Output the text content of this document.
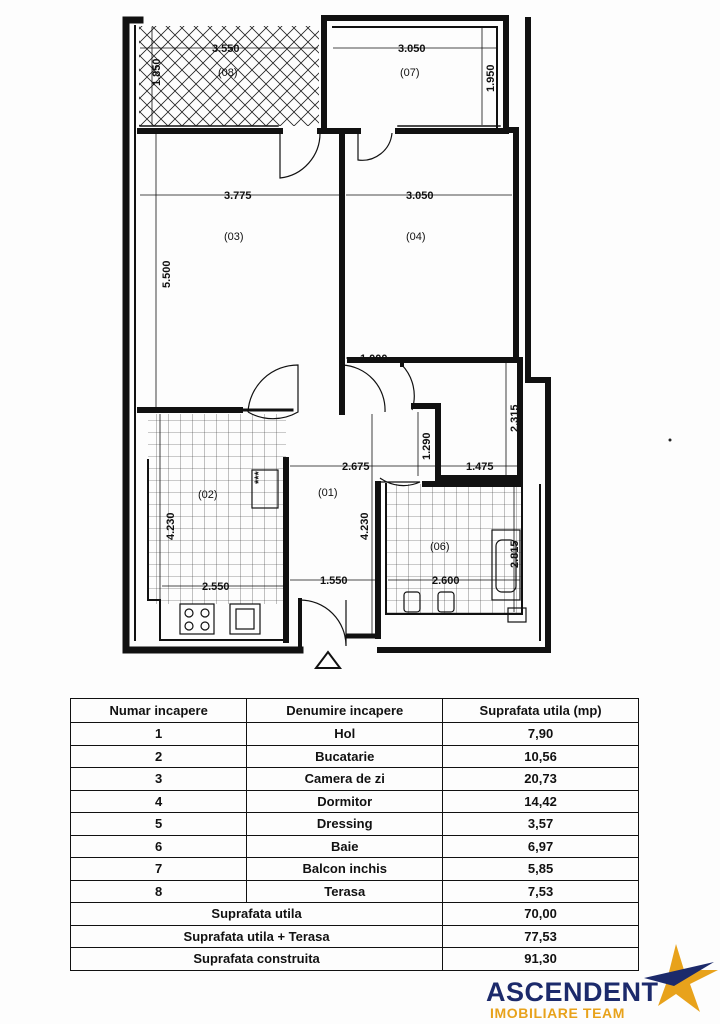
3.550
1.850
3.050
1.950
3.775	3.050
5.500
1.000
2.315
1.290
2.675	1.475
4.230	4.230
2.815
2.550	1.550	2.600
(08)	(07)
(03)	(04)
(02)	(01)
(06)
***
Numar incapere	Denumire incapere	Suprafata utila (mp)
1	Hol	7,90
2	Bucatarie	10,56
3	Camera de zi	20,73
4	Dormitor	14,42
5	Dressing	3,57
6	Baie	6,97
7	Balcon inchis	5,85
8	Terasa	7,53
Suprafata utila		70,00
Suprafata utila + Terasa		77,53
Suprafata construita		91,30
ASCENDENT
IMOBILIARE TEAM
